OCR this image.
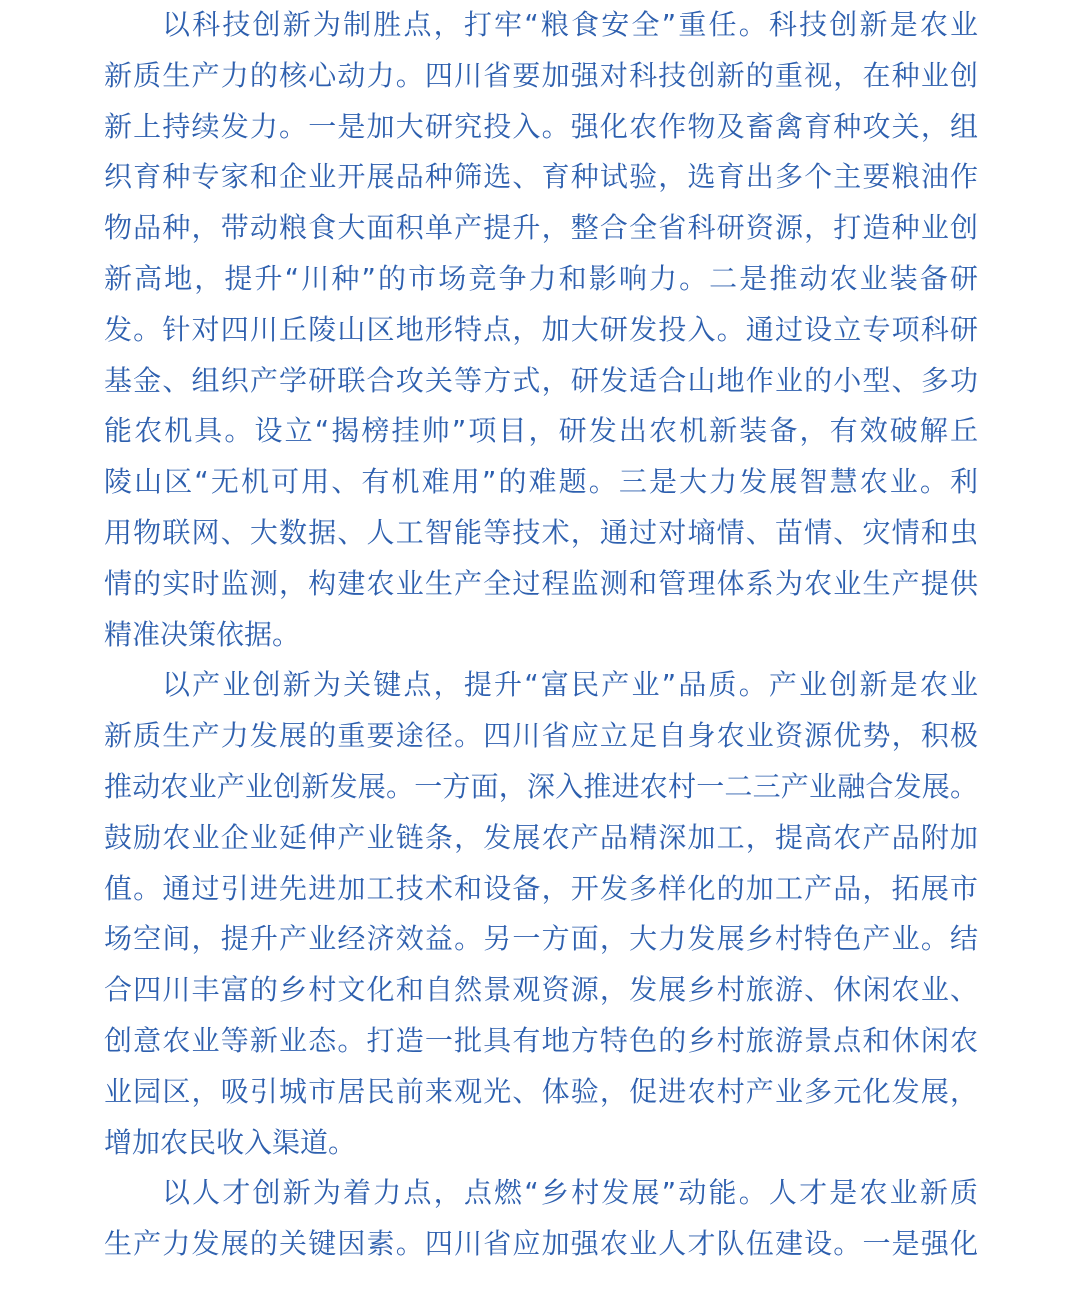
以科技创新为制胜点，打牢“粮食安全”重任。科技创新是农业
新质生产力的核心动力。四川省要加强对科技创新的重视，在种业创
新上持续发力。一是加大研究投入。强化农作物及畜禽育种攻关，组
织育种专家和企业开展品种筛选、育种试验，选育出多个主要粮油作
物品种，带动粮食大面积单产提升，整合全省科研资源，打造种业创
新高地，提升“川种”的市场竞争力和影响力。二是推动农业装备研
发。针对四川丘陵山区地形特点，加大研发投入。通过设立专项科研
基金、组织产学研联合攻关等方式，研发适合山地作业的小型、多功
能农机具。设立“揭榜挂帅”项目，研发出农机新装备，有效破解丘
陵山区“无机可用、有机难用”的难题。三是大力发展智慧农业。利
用物联网、大数据、人工智能等技术，通过对墒情、苗情、灾情和虫
情的实时监测，构建农业生产全过程监测和管理体系为农业生产提供
精准决策依据。
以产业创新为关键点，提升“富民产业”品质。产业创新是农业
新质生产力发展的重要途径。四川省应立足自身农业资源优势，积极
推动农业产业创新发展。一方面，深入推进农村一二三产业融合发展。
鼓励农业企业延伸产业链条，发展农产品精深加工，提高农产品附加
值。通过引进先进加工技术和设备，开发多样化的加工产品，拓展市
场空间，提升产业经济效益。另一方面，大力发展乡村特色产业。结
合四川丰富的乡村文化和自然景观资源，发展乡村旅游、休闲农业、
创意农业等新业态。打造一批具有地方特色的乡村旅游景点和休闲农
业园区，吸引城市居民前来观光、体验，促进农村产业多元化发展，
增加农民收入渠道。
以人才创新为着力点，点燃“乡村发展”动能。人才是农业新质
生产力发展的关键因素。四川省应加强农业人才队伍建设。一是强化
